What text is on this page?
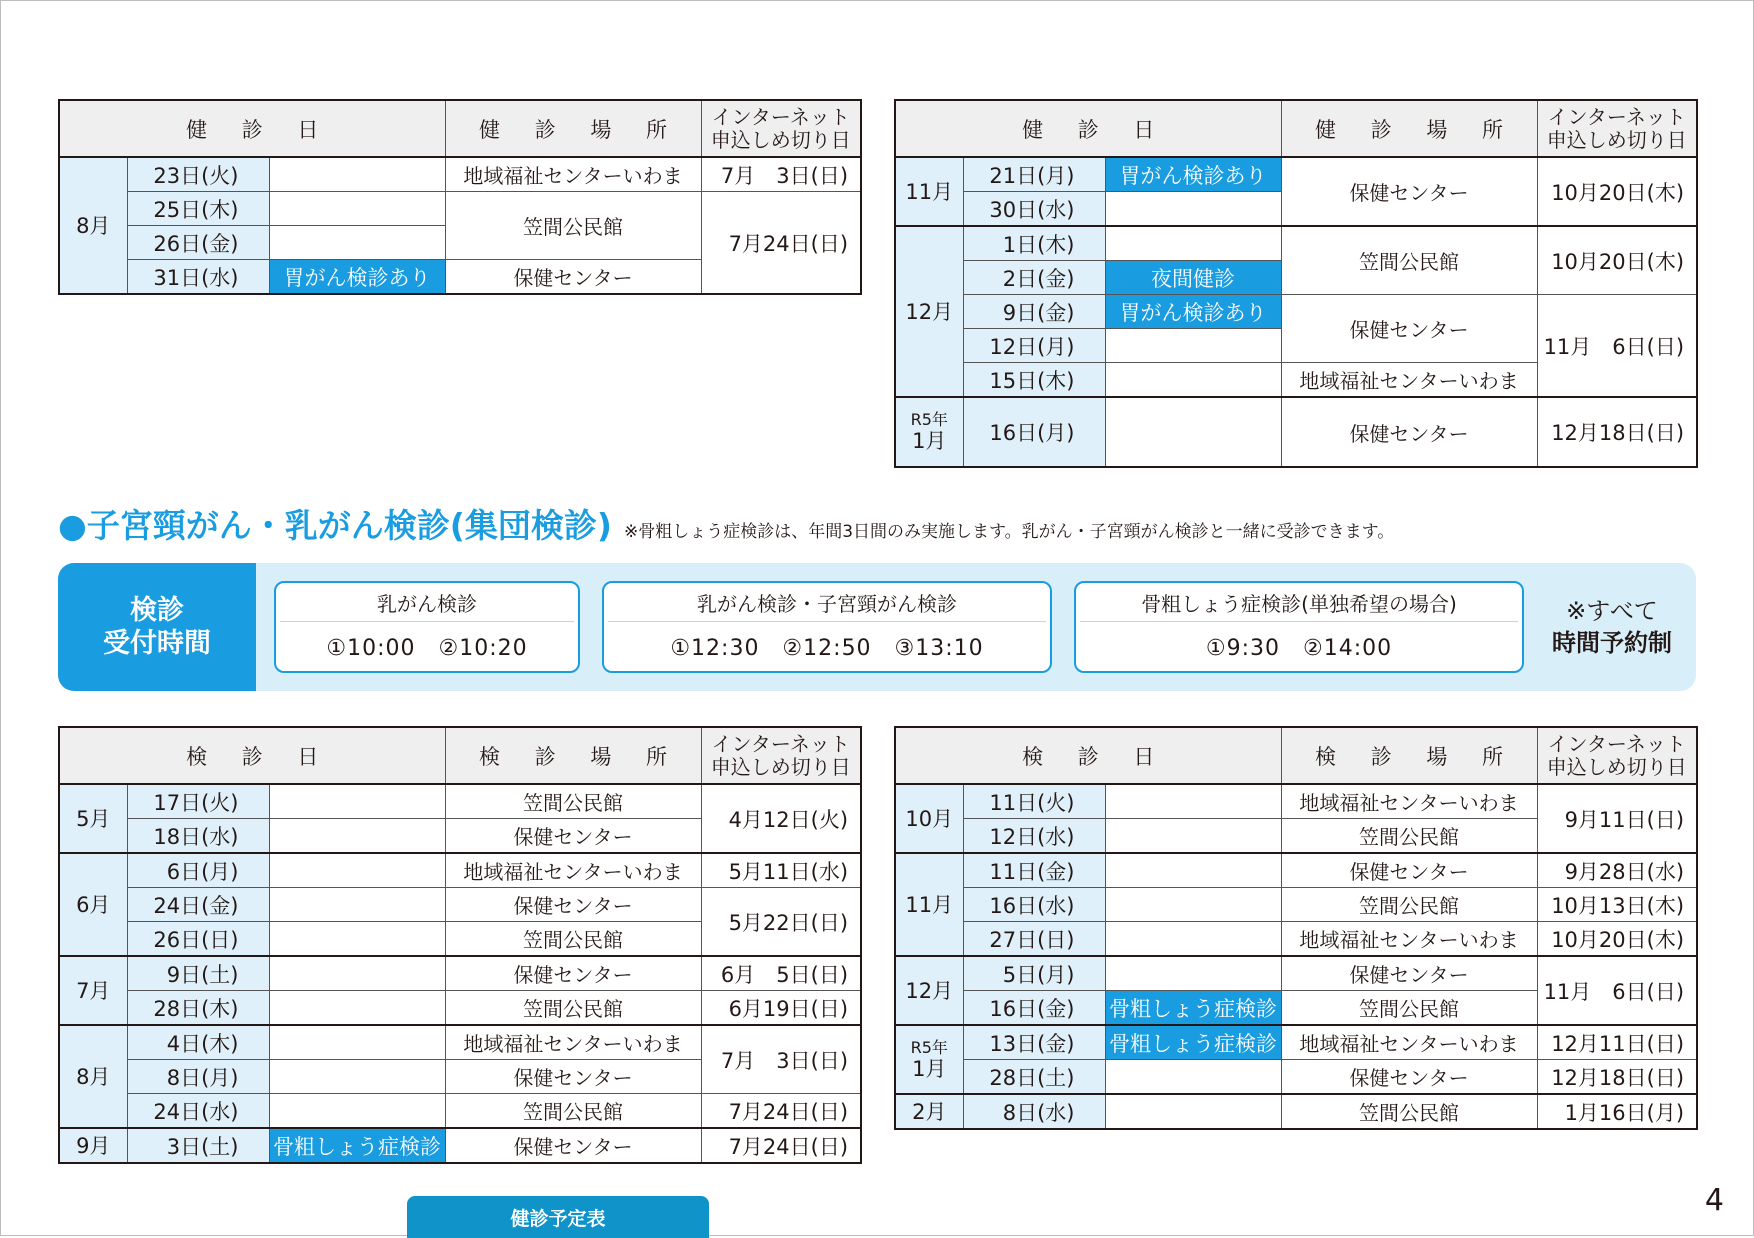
健 診 日			健 診 場 所	インターネット
申込しめ切り日
8月	23日(火)		地域福祉センターいわま	7月　3日(日)
	25日(木)		笠間公民館	7月24日(日)
	26日(金)			
	31日(水)	胃がん検診あり	保健センター	
健 診 日			健 診 場 所	インターネット
申込しめ切り日
11月	21日(月)	胃がん検診あり	保健センター	10月20日(木)
	30日(水)			
12月	1日(木)		笠間公民館	10月20日(木)
	2日(金)	夜間健診		
	9日(金)	胃がん検診あり	保健センター	11月　6日(日)
	12日(月)			
	15日(木)		地域福祉センターいわま	

R5年
1月	16日(月)		保健センター	12月18日(日)
●子宮頸がん・乳がん検診(集団検診) ※骨粗しょう症検診は、年間3日間のみ実施します。乳がん・子宮頸がん検診と一緒に受診できます。
検診
受付時間
乳がん検診
①10:00　②10:20
乳がん検診・子宮頸がん検診
①12:30　②12:50　③13:10
骨粗しょう症検診(単独希望の場合)
①9:30　②14:00
※すべて
時間予約制
検 診 日			検 診 場 所	インターネット
申込しめ切り日
5月	17日(火)		笠間公民館	4月12日(火)
	18日(水)		保健センター	
6月	6日(月)		地域福祉センターいわま	5月11日(水)
	24日(金)		保健センター	5月22日(日)
	26日(日)		笠間公民館	
7月	9日(土)		保健センター	6月　5日(日)
	28日(木)		笠間公民館	6月19日(日)
8月	4日(木)		地域福祉センターいわま	7月　3日(日)
	8日(月)		保健センター	
	24日(水)		笠間公民館	7月24日(日)
9月	3日(土)	骨粗しょう症検診	保健センター	7月24日(日)
検 診 日			検 診 場 所	インターネット
申込しめ切り日
10月	11日(火)		地域福祉センターいわま	9月11日(日)
	12日(水)		笠間公民館	
11月	11日(金)		保健センター	9月28日(水)
	16日(水)		笠間公民館	10月13日(木)
	27日(日)		地域福祉センターいわま	10月20日(木)
12月	5日(月)		保健センター	11月　6日(日)
	16日(金)	骨粗しょう症検診	笠間公民館	

R5年
1月	13日(金)	骨粗しょう症検診	地域福祉センターいわま	12月11日(日)
	28日(土)		保健センター	12月18日(日)
2月	8日(水)		笠間公民館	1月16日(月)
健診予定表
4
